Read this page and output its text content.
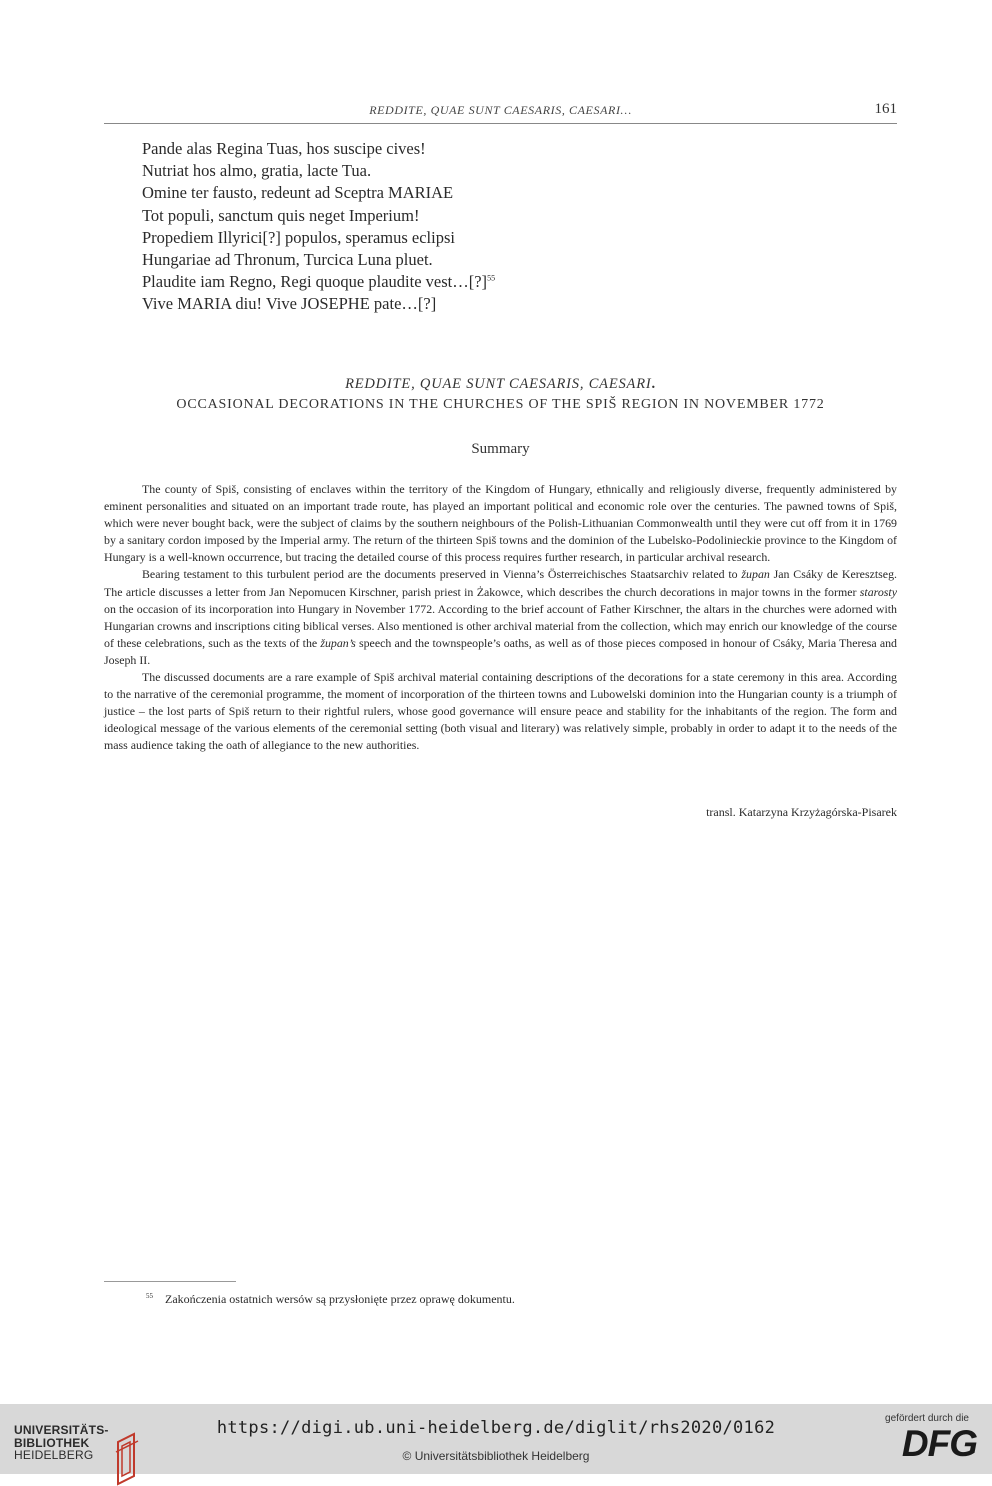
REDDITE, QUAE SUNT CAESARIS, CAESARI…	161
Pande alas Regina Tuas, hos suscipe cives!
Nutriat hos almo, gratia, lacte Tua.
Omine ter fausto, redeunt ad Sceptra MARIAE
Tot populi, sanctum quis neget Imperium!
Propediem Illyrici[?] populos, speramus eclipsi
Hungariae ad Thronum, Turcica Luna pluet.
Plaudite iam Regno, Regi quoque plaudite vest…[?]$^{55}$
Vive MARIA diu! Vive JOSEPHE pate…[?]
REDDITE, QUAE SUNT CAESARIS, CAESARI.
OCCASIONAL DECORATIONS IN THE CHURCHES OF THE SPIŠ REGION IN NOVEMBER 1772
Summary

The county of Spiš, consisting of enclaves within the territory of the Kingdom of Hungary, ethnically and religiously diverse, frequently administered by eminent personalities and situated on an important trade route, has played an important political and economic role over the centuries. The pawned towns of Spiš, which were never bought back, were the subject of claims by the southern neighbours of the Polish-Lithuanian Commonwealth until they were cut off from it in 1769 by a sanitary cordon imposed by the Imperial army. The return of the thirteen Spiš towns and the dominion of the Lubelsko-Podolinieckie province to the Kingdom of Hungary is a well-known occurrence, but tracing the detailed course of this process requires further research, in particular archival research.

Bearing testament to this turbulent period are the documents preserved in Vienna’s Österreichisches Staatsarchiv related to župan Jan Csáky de Keresztseg. The article discusses a letter from Jan Nepomucen Kirschner, parish priest in Żakowce, which describes the church decorations in major towns in the former starosty on the occasion of its incorporation into Hungary in November 1772. According to the brief account of Father Kirschner, the altars in the churches were adorned with Hungarian crowns and inscriptions citing biblical verses. Also mentioned is other archival material from the collection, which may enrich our knowledge of the course of these celebrations, such as the texts of the župan’s speech and the townspeople’s oaths, as well as of those pieces composed in honour of Csáky, Maria Theresa and Joseph II.

The discussed documents are a rare example of Spiš archival material containing descriptions of the decorations for a state ceremony in this area. According to the narrative of the ceremonial programme, the moment of incorporation of the thirteen towns and Lubowelski dominion into the Hungarian county is a triumph of justice – the lost parts of Spiš return to their rightful rulers, whose good governance will ensure peace and stability for the inhabitants of the region. The form and ideological message of the various elements of the ceremonial setting (both visual and literary) was relatively simple, probably in order to adapt it to the needs of the mass audience taking the oath of allegiance to the new authorities.

transl. Katarzyna Krzyżagórska-Pisarek
$^{55}$ Zakończenia ostatnich wersów są przysłonięte przez oprawę dokumentu.
UNIVERSITÄTS-
BIBLIOTHEK
HEIDELBERG
https://digi.ub.uni-heidelberg.de/diglit/rhs2020/0162
© Universitätsbibliothek Heidelberg
gefördert durch die
DFG
